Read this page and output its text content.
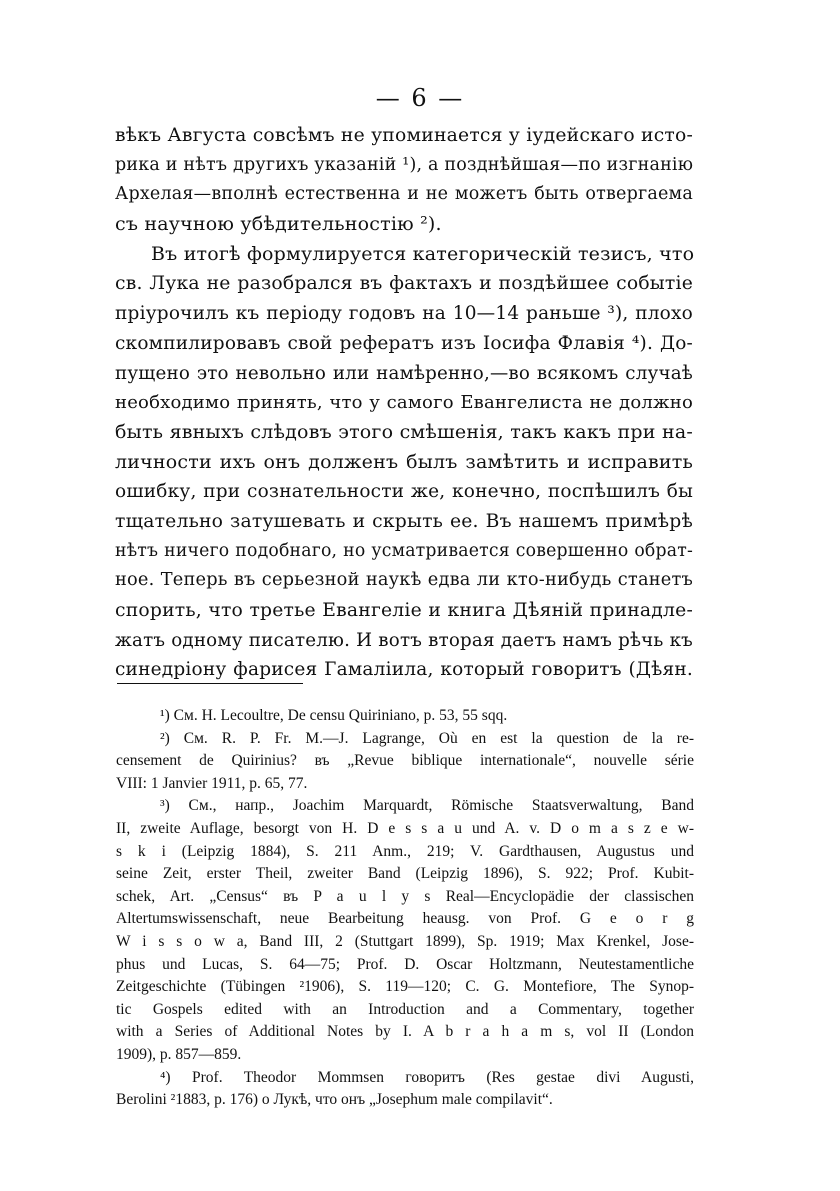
— 6 —
вѣкъ Августа совсѣмъ не упоминается у іудейскаго исто-
рика и нѣтъ другихъ указаній ¹), а позднѣйшая—по изгнанію
Архелая—вполнѣ естественна и не можетъ быть отвергаема
съ научною убѣдительностію ²).
Въ итогѣ формулируется категорическій тезисъ, что
св. Лука не разобрался въ фактахъ и поздѣйшее событіе
пріурочилъ къ періоду годовъ на 10—14 раньше ³), плохо
скомпилировавъ свой рефератъ изъ Іосифа Флавія ⁴). До-
пущено это невольно или намѣренно,—во всякомъ случаѣ
необходимо принять, что у самого Евангелиста не должно
быть явныхъ слѣдовъ этого смѣшенія, такъ какъ при на-
личности ихъ онъ долженъ былъ замѣтить и исправить
ошибку, при сознательности же, конечно, поспѣшилъ бы
тщательно затушевать и скрыть ее. Въ нашемъ примѣрѣ
нѣтъ ничего подобнаго, но усматривается совершенно обрат-
ное. Теперь въ серьезной наукѣ едва ли кто-нибудь станетъ
спорить, что третье Евангеліе и книга Дѣяній принадле-
жатъ одному писателю. И вотъ вторая даетъ намъ рѣчь къ
синедріону фарисея Гамаліила, который говоритъ (Дѣян.
¹) См. H. Lecoultre, De censu Quiriniano, p. 53, 55 sqq.
²) См. R. P. Fr. M.—J. Lagrange, Où en est la question de la re-
censement de Quirinius? въ „Revue biblique internationale“, nouvelle série
VIII: 1 Janvier 1911, p. 65, 77.
³) См., напр., Joachim Marquardt, Römische Staatsverwaltung, Band
II, zweite Auflage, besorgt von H. D e s s a u und A. v. D o m a s z e w-
s k i (Leipzig 1884), S. 211 Anm., 219; V. Gardthausen, Augustus und
seine Zeit, erster Theil, zweiter Band (Leipzig 1896), S. 922; Prof. Kubit-
schek, Art. „Census“ въ P a u l y s Real—Encyclopädie der classischen
Altertumswissenschaft, neue Bearbeitung heausg. von Prof. G e o r g
W i s s o w a, Band III, 2 (Stuttgart 1899), Sp. 1919; Max Krenkel, Jose-
phus und Lucas, S. 64—75; Prof. D. Oscar Holtzmann, Neutestamentliche
Zeitgeschichte (Tübingen ²1906), S. 119—120; C. G. Montefiore, The Synop-
tic Gospels edited with an Introduction and a Commentary, together
with a Series of Additional Notes by I. A b r a h a m s, vol II (London
1909), p. 857—859.
⁴) Prof. Theodor Mommsen говоритъ (Res gestae divi Augusti,
Berolini ²1883, p. 176) о Лукѣ, что онъ „Josephum male compilavit“.
